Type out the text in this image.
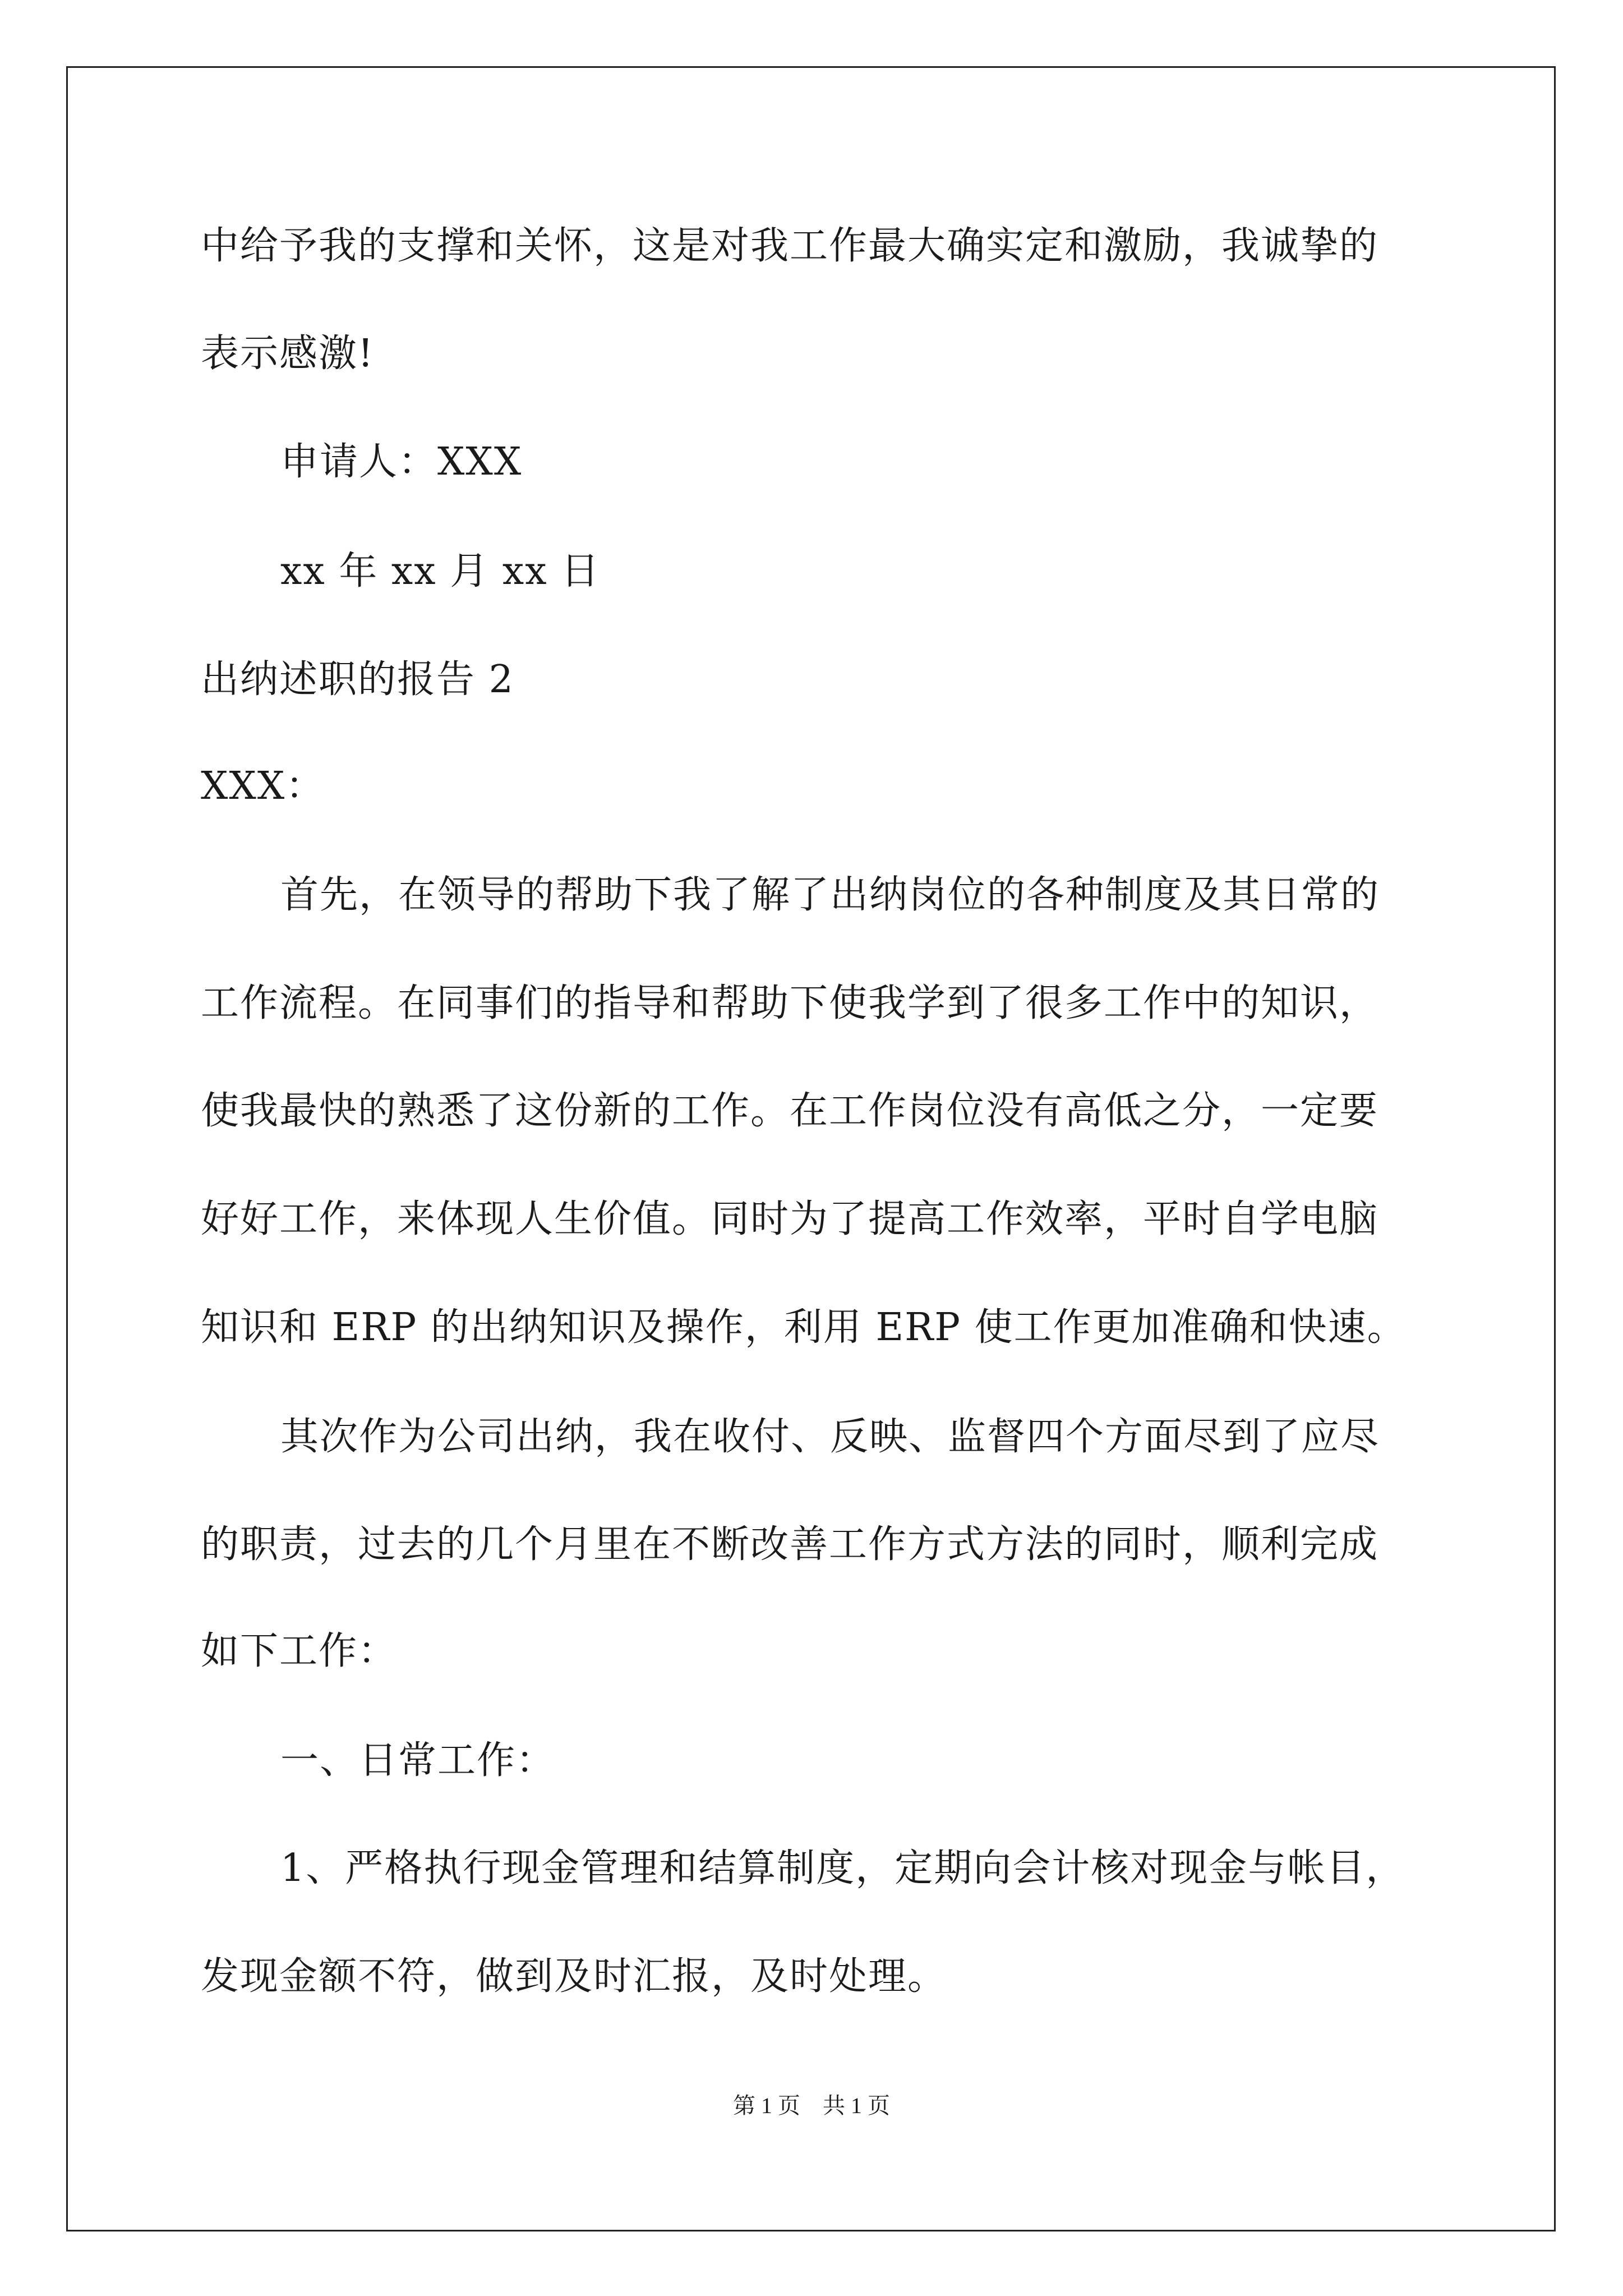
中给予我的支撑和关怀，这是对我工作最大确实定和激励，我诚挚的
表示感激!
申请人：XXX
xx 年 xx 月 xx 日
出纳述职的报告 2
XXX：
首先，在领导的帮助下我了解了出纳岗位的各种制度及其日常的
工作流程。在同事们的指导和帮助下使我学到了很多工作中的知识，
使我最快的熟悉了这份新的工作。在工作岗位没有高低之分，一定要
好好工作，来体现人生价值。同时为了提高工作效率，平时自学电脑
知识和 ERP 的出纳知识及操作，利用 ERP 使工作更加准确和快速。
其次作为公司出纳，我在收付、反映、监督四个方面尽到了应尽
的职责，过去的几个月里在不断改善工作方式方法的同时，顺利完成
如下工作：
一、日常工作：
1、严格执行现金管理和结算制度，定期向会计核对现金与帐目，
发现金额不符，做到及时汇报，及时处理。
第 1 页 共 1 页
